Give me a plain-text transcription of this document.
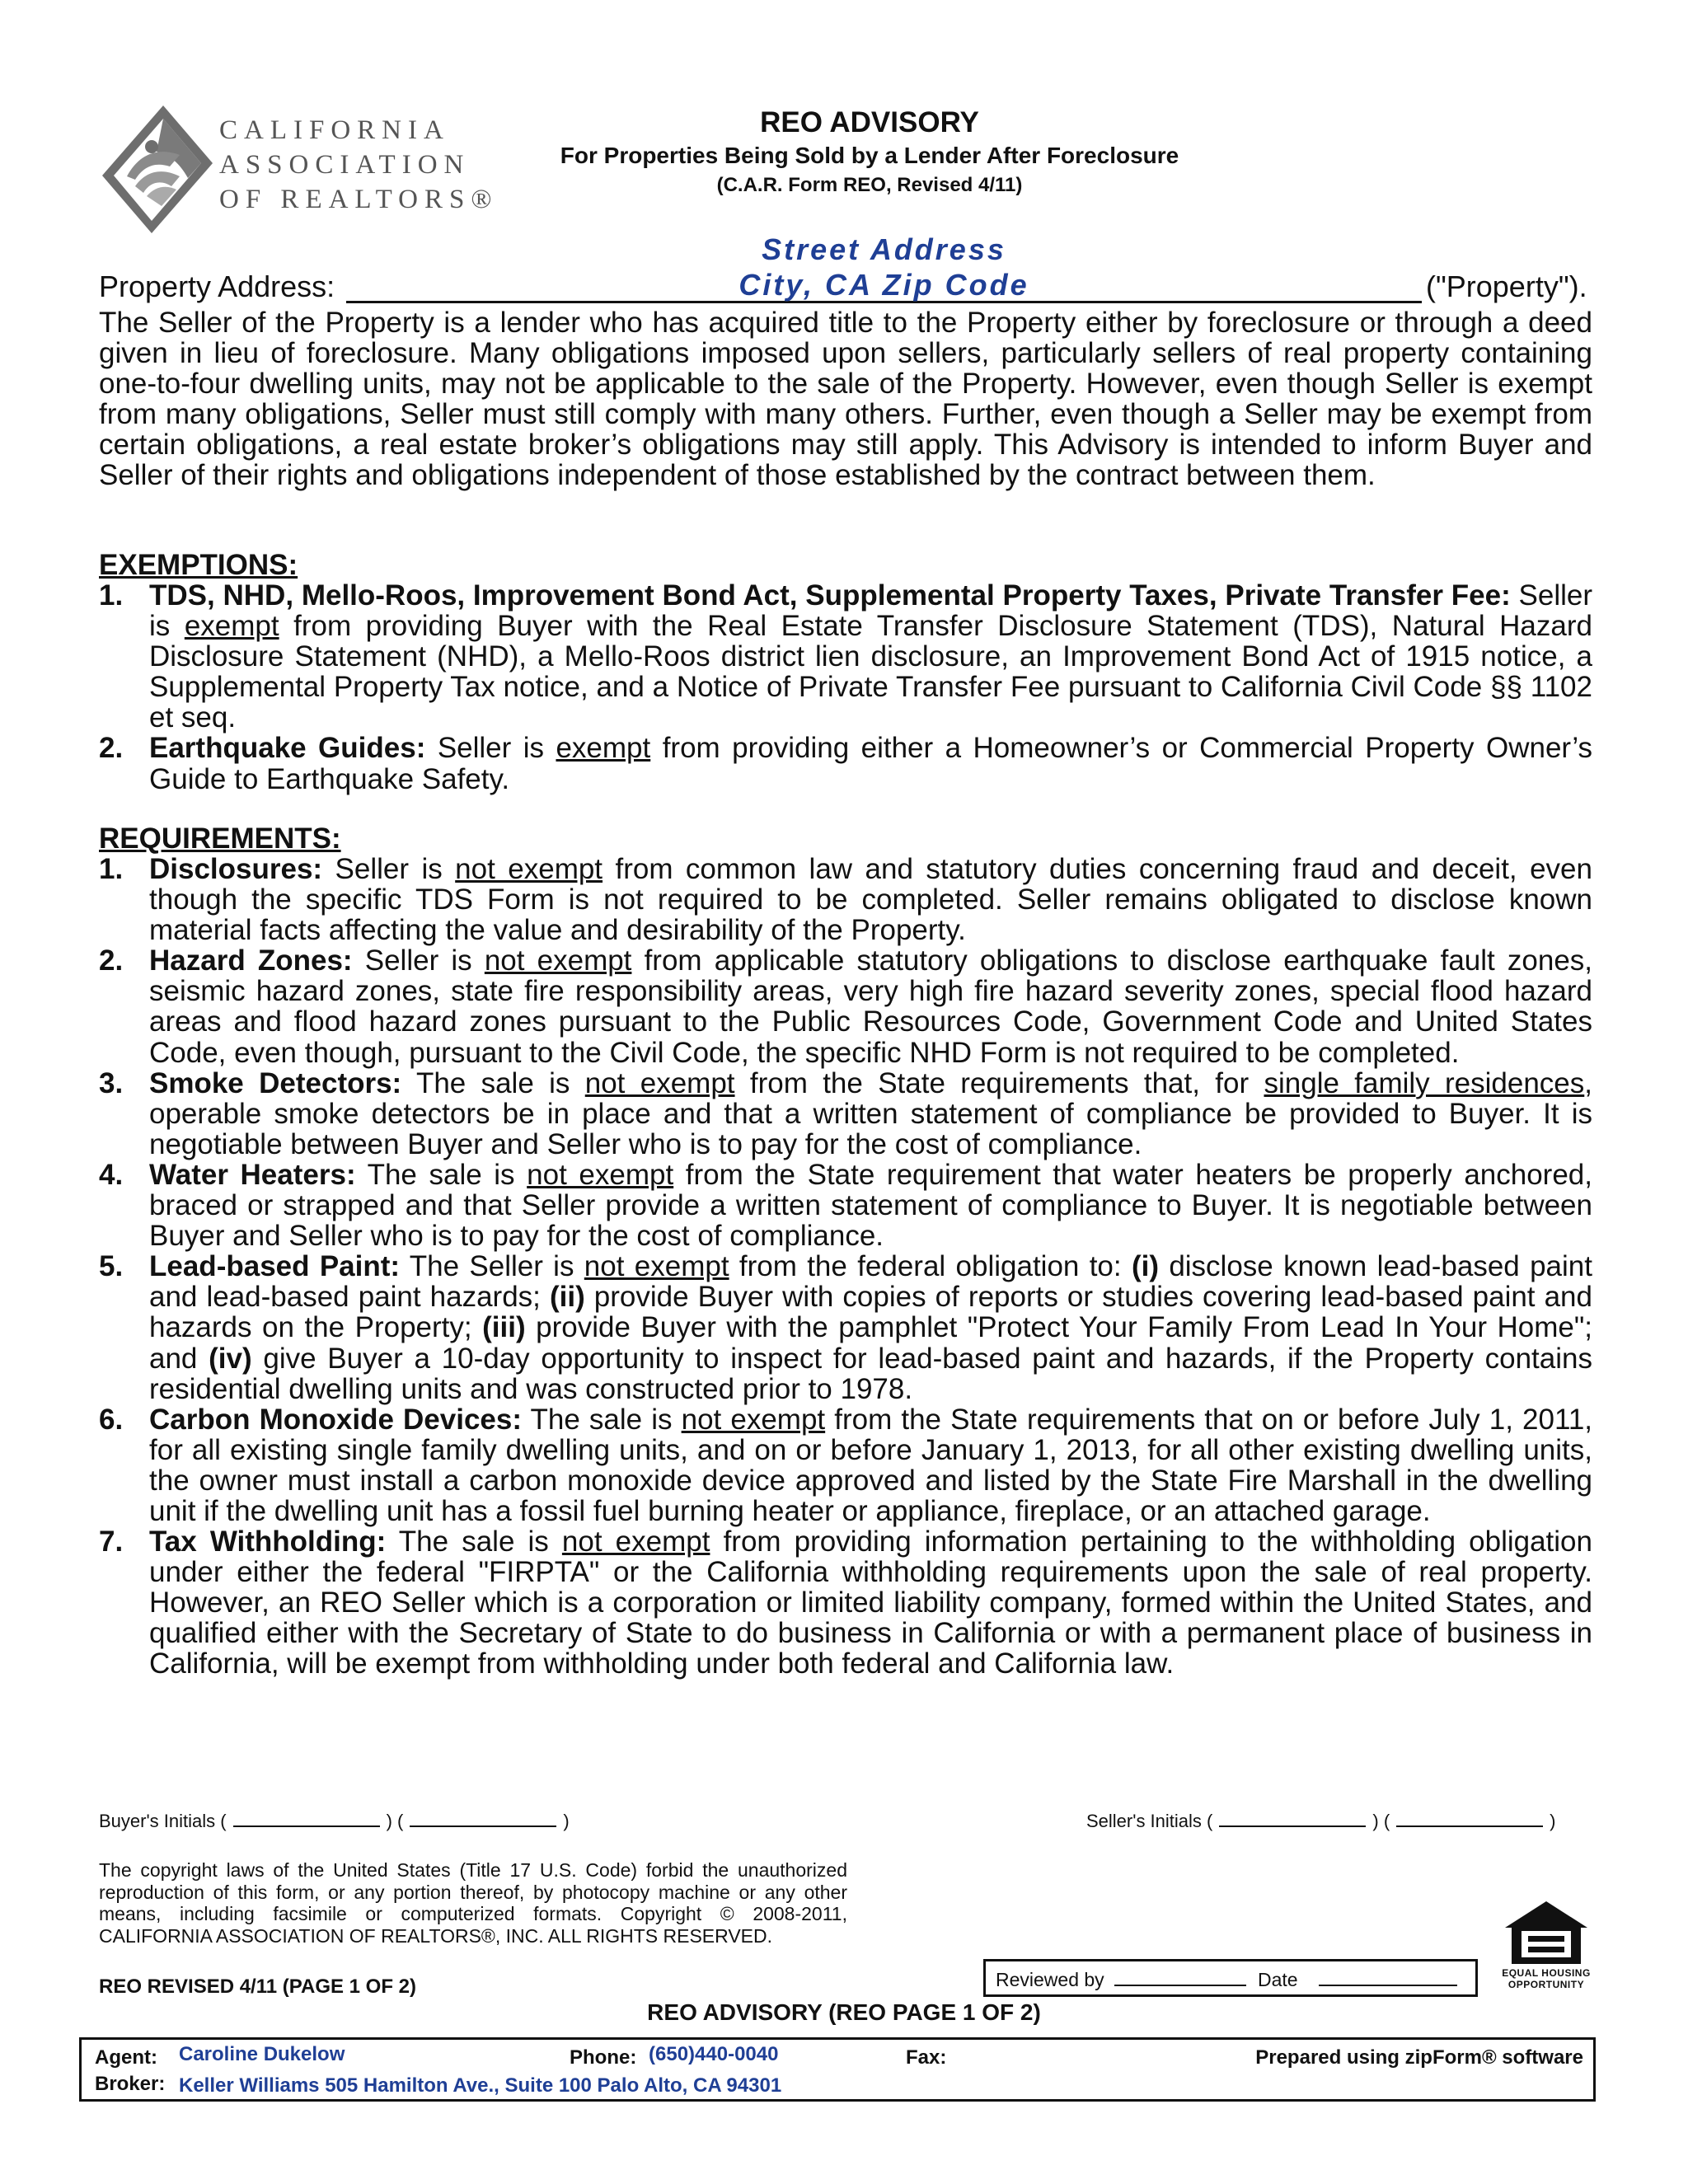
CALIFORNIA
ASSOCIATION
OF REALTORS®
REO ADVISORY
For Properties Being Sold by a Lender After Foreclosure
(C.A.R. Form REO, Revised 4/11)
Property Address:
Street Address
City, CA Zip Code	("Property").
The Seller of the Property is a lender who has acquired title to the Property either by foreclosure or through a deed given in lieu of foreclosure. Many obligations imposed upon sellers, particularly sellers of real property containing one-to-four dwelling units, may not be applicable to the sale of the Property. However, even though Seller is exempt from many obligations, Seller must still comply with many others. Further, even though a Seller may be exempt from certain obligations, a real estate broker’s obligations may still apply. This Advisory is intended to inform Buyer and Seller of their rights and obligations independent of those established by the contract between them.
EXEMPTIONS:
1. TDS, NHD, Mello-Roos, Improvement Bond Act, Supplemental Property Taxes, Private Transfer Fee: Seller is exempt from providing Buyer with the Real Estate Transfer Disclosure Statement (TDS), Natural Hazard Disclosure Statement (NHD), a Mello-Roos district lien disclosure, an Improvement Bond Act of 1915 notice, a Supplemental Property Tax notice, and a Notice of Private Transfer Fee pursuant to California Civil Code §§ 1102 et seq.
2. Earthquake Guides: Seller is exempt from providing either a Homeowner’s or Commercial Property Owner’s Guide to Earthquake Safety.
REQUIREMENTS:
1. Disclosures: Seller is not exempt from common law and statutory duties concerning fraud and deceit, even though the specific TDS Form is not required to be completed. Seller remains obligated to disclose known material facts affecting the value and desirability of the Property.
2. Hazard Zones: Seller is not exempt from applicable statutory obligations to disclose earthquake fault zones, seismic hazard zones, state fire responsibility areas, very high fire hazard severity zones, special flood hazard areas and flood hazard zones pursuant to the Public Resources Code, Government Code and United States Code, even though, pursuant to the Civil Code, the specific NHD Form is not required to be completed.
3. Smoke Detectors: The sale is not exempt from the State requirements that, for single family residences, operable smoke detectors be in place and that a written statement of compliance be provided to Buyer. It is negotiable between Buyer and Seller who is to pay for the cost of compliance.
4. Water Heaters: The sale is not exempt from the State requirement that water heaters be properly anchored, braced or strapped and that Seller provide a written statement of compliance to Buyer. It is negotiable between Buyer and Seller who is to pay for the cost of compliance.
5. Lead-based Paint: The Seller is not exempt from the federal obligation to: (i) disclose known lead-based paint and lead-based paint hazards; (ii) provide Buyer with copies of reports or studies covering lead-based paint and hazards on the Property; (iii) provide Buyer with the pamphlet "Protect Your Family From Lead In Your Home"; and (iv) give Buyer a 10-day opportunity to inspect for lead-based paint and hazards, if the Property contains residential dwelling units and was constructed prior to 1978.
6. Carbon Monoxide Devices: The sale is not exempt from the State requirements that on or before July 1, 2011, for all existing single family dwelling units, and on or before January 1, 2013, for all other existing dwelling units, the owner must install a carbon monoxide device approved and listed by the State Fire Marshall in the dwelling unit if the dwelling unit has a fossil fuel burning heater or appliance, fireplace, or an attached garage.
7. Tax Withholding: The sale is not exempt from providing information pertaining to the withholding obligation under either the federal "FIRPTA" or the California withholding requirements upon the sale of real property. However, an REO Seller which is a corporation or limited liability company, formed within the United States, and qualified either with the Secretary of State to do business in California or with a permanent place of business in California, will be exempt from withholding under both federal and California law.
Buyer's Initials (	) (	)	Seller's Initials (	) (	)
The copyright laws of the United States (Title 17 U.S. Code) forbid the unauthorized reproduction of this form, or any portion thereof, by photocopy machine or any other means, including facsimile or computerized formats. Copyright © 2008-2011, CALIFORNIA ASSOCIATION OF REALTORS®, INC. ALL RIGHTS RESERVED.
REO REVISED 4/11 (PAGE 1 OF 2)	Reviewed by	Date	EQUAL HOUSING
OPPORTUNITY
REO ADVISORY (REO PAGE 1 OF 2)
Agent: Caroline Dukelow	Phone: (650)440-0040	Fax:	Prepared using zipForm® software
Broker: Keller Williams 505 Hamilton Ave., Suite 100 Palo Alto, CA 94301
